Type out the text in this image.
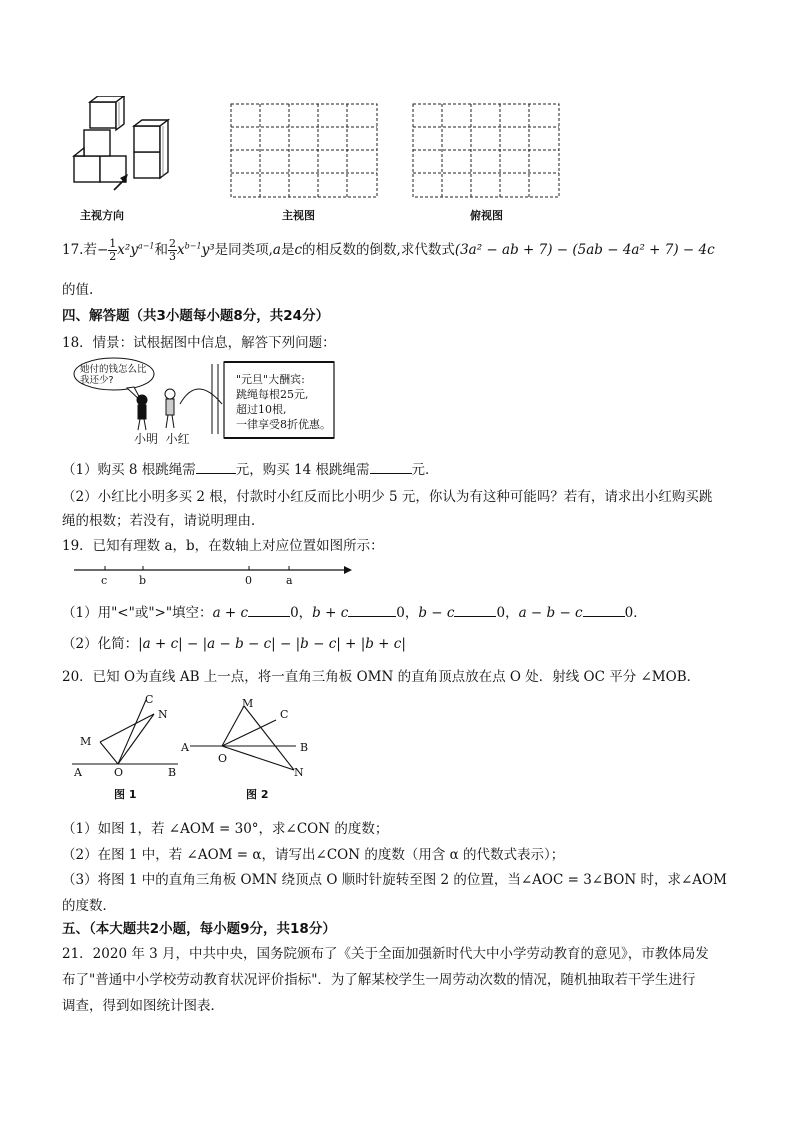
主视方向	主视图	俯视图
17.若− $\frac{1}{2} x^2y^{a-1}$和 $\frac{2}{3} x^{b-1}y^3$是同类项,a是c的相反数的倒数,求代数式(3a² − ab + 7) − (5ab − 4a² + 7) − 4c
的值.
四、解答题（共3小题每小题8分，共24分）
18．情景：试根据图中信息，解答下列问题：
她付的钱怎么比我还少?	"元旦"大酬宾:
跳绳每根25元,
超过10根,
一律享受8折优惠。
小明  小红
（1）购买 8 根跳绳需	元，购买 14 根跳绳需	元．
（2）小红比小明多买 2 根，付款时小红反而比小明少 5 元，你认为有这种可能吗？若有，请求出小红购买跳
绳的根数；若没有，请说明理由．
19．已知有理数 a，b，在数轴上对应位置如图所示：
c	b	0	a
（1）用"<"或">"填空：a + c	0，b + c	0，b − c	0，a − b − c	0．
（2）化简：|a + c| − |a − b − c| − |b − c| + |b + c|
20．已知 O为直线 AB 上一点，将一直角三角板 OMN 的直角顶点放在点 O 处．射线 OC 平分 ∠MOB．
C
N
M
A	O	B
图 1
M
C
A
O
B
N
图 2
（1）如图 1，若 ∠AOM = 30°，求∠CON 的度数；
（2）在图 1 中，若 ∠AOM = α，请写出∠CON 的度数（用含 α 的代数式表示）；
（3）将图 1 中的直角三角板 OMN 绕顶点 O 顺时针旋转至图 2 的位置，当∠AOC = 3∠BON 时，求∠AOM
的度数．
五、（本大题共2小题，每小题9分，共18分）
21．2020 年 3 月，中共中央，国务院颁布了《关于全面加强新时代大中小学劳动教育的意见》，市教体局发
布了"普通中小学校劳动教育状况评价指标"．为了解某校学生一周劳动次数的情况，随机抽取若干学生进行
调查，得到如图统计图表．
